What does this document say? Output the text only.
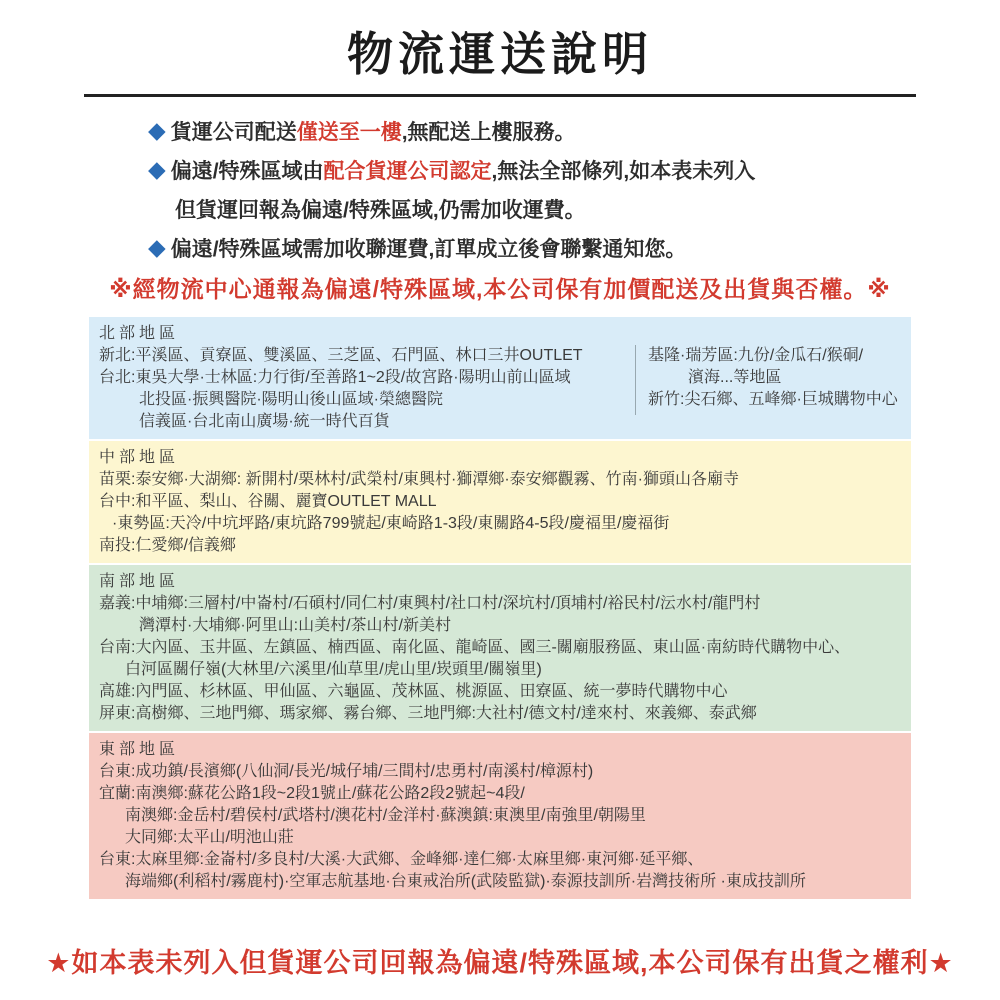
物流運送說明
◆ 貨運公司配送 僅送至一樓 ,無配送上樓服務。
◆ 偏遠/特殊區域由 配合貨運公司認定 ,無法全部條列,如本表未列入
但貨運回報為偏遠/特殊區域,仍需加收運費。
◆ 偏遠/特殊區域需加收聯運費,訂單成立後會聯繫通知您。
※經物流中心通報為偏遠/特殊區域,本公司保有加價配送及出貨與否權。※
北部地區
新北:平溪區、貢寮區、雙溪區、三芝區、石門區、林口三井OUTLET
台北:東吳大學·士林區:力行街/至善路1~2段/故宮路·陽明山前山區域
北投區·振興醫院·陽明山後山區域·榮總醫院
信義區·台北南山廣場·統一時代百貨
基隆·瑞芳區:九份/金瓜石/猴硐/
濱海...等地區
新竹:尖石鄉、五峰鄉·巨城購物中心
中部地區
苗栗:泰安鄉·大湖鄉: 新開村/栗林村/武榮村/東興村·獅潭鄉·泰安鄉觀霧、竹南·獅頭山各廟寺
台中:和平區、梨山、谷關、麗寶OUTLET MALL
·東勢區:天冷/中坑坪路/東坑路799號起/東崎路1-3段/東關路4-5段/慶福里/慶福街
南投:仁愛鄉/信義鄉
南部地區
嘉義:中埔鄉:三層村/中崙村/石碩村/同仁村/東興村/社口村/深坑村/頂埔村/裕民村/沄水村/龍門村
灣潭村·大埔鄉·阿里山:山美村/茶山村/新美村
台南:大內區、玉井區、左鎮區、楠西區、南化區、龍崎區、國三-關廟服務區、東山區·南紡時代購物中心、
白河區關仔嶺(大林里/六溪里/仙草里/虎山里/崁頭里/關嶺里)
高雄:內門區、杉林區、甲仙區、六龜區、茂林區、桃源區、田寮區、統一夢時代購物中心
屏東:高樹鄉、三地門鄉、瑪家鄉、霧台鄉、三地門鄉:大社村/德文村/達來村、來義鄉、泰武鄉
東部地區
台東:成功鎮/長濱鄉(八仙洞/長光/城仔埔/三間村/忠勇村/南溪村/樟源村)
宜蘭:南澳鄉:蘇花公路1段~2段1號止/蘇花公路2段2號起~4段/
南澳鄉:金岳村/碧侯村/武塔村/澳花村/金洋村·蘇澳鎮:東澳里/南強里/朝陽里
大同鄉:太平山/明池山莊
台東:太麻里鄉:金崙村/多良村/大溪·大武鄉、金峰鄉·達仁鄉·太麻里鄉·東河鄉·延平鄉、
海端鄉(利稻村/霧鹿村)·空軍志航基地·台東戒治所(武陵監獄)·泰源技訓所·岩灣技術所 ·東成技訓所
★如本表未列入但貨運公司回報為偏遠/特殊區域,本公司保有出貨之權利★
